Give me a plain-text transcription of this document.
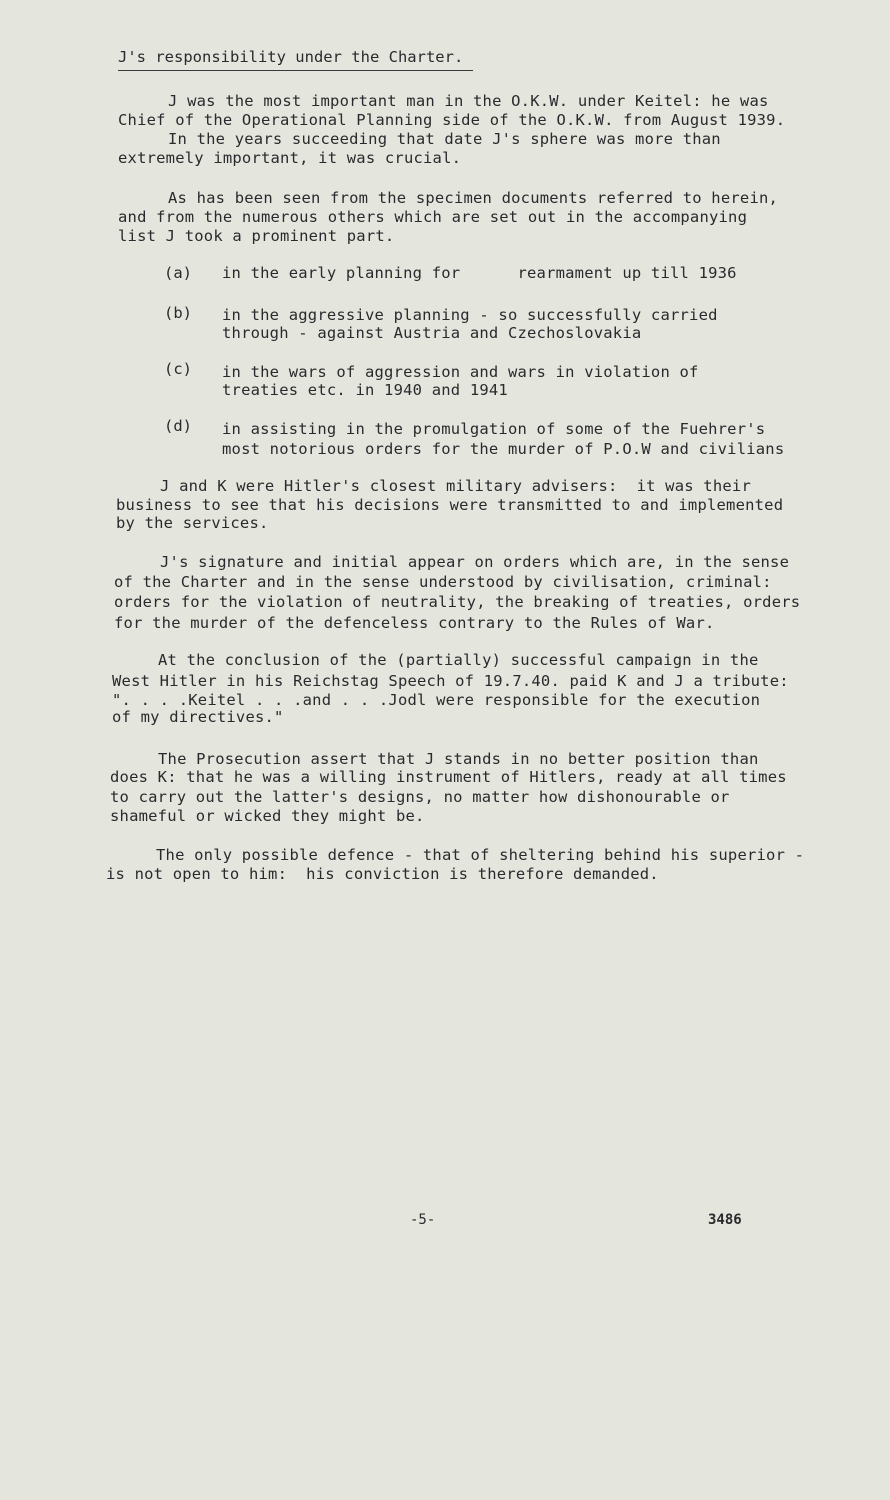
J's responsibility under the Charter.
J was the most important man in the O.K.W. under Keitel: he was
Chief of the Operational Planning side of the O.K.W. from August 1939.
In the years succeeding that date J's sphere was more than
extremely important, it was crucial.
As has been seen from the specimen documents referred to herein,
and from the numerous others which are set out in the accompanying
list J took a prominent part.
(a) in the early planning for      rearmament up till 1936
(b) in the aggressive planning - so successfully carried
through - against Austria and Czechoslovakia
(c) in the wars of aggression and wars in violation of
treaties etc. in 1940 and 1941
(d) in assisting in the promulgation of some of the Fuehrer's
most notorious orders for the murder of P.O.W and civilians
J and K were Hitler's closest military advisers:  it was their
business to see that his decisions were transmitted to and implemented
by the services.
J's signature and initial appear on orders which are, in the sense
of the Charter and in the sense understood by civilisation, criminal:
orders for the violation of neutrality, the breaking of treaties, orders
for the murder of the defenceless contrary to the Rules of War.
At the conclusion of the (partially) successful campaign in the
West Hitler in his Reichstag Speech of 19.7.40. paid K and J a tribute:
". . . .Keitel . . .and . . .Jodl were responsible for the execution
of my directives."
The Prosecution assert that J stands in no better position than
does K: that he was a willing instrument of Hitlers, ready at all times
to carry out the latter's designs, no matter how dishonourable or
shameful or wicked they might be.
The only possible defence - that of sheltering behind his superior -
is not open to him:  his conviction is therefore demanded.
-5-	3486
